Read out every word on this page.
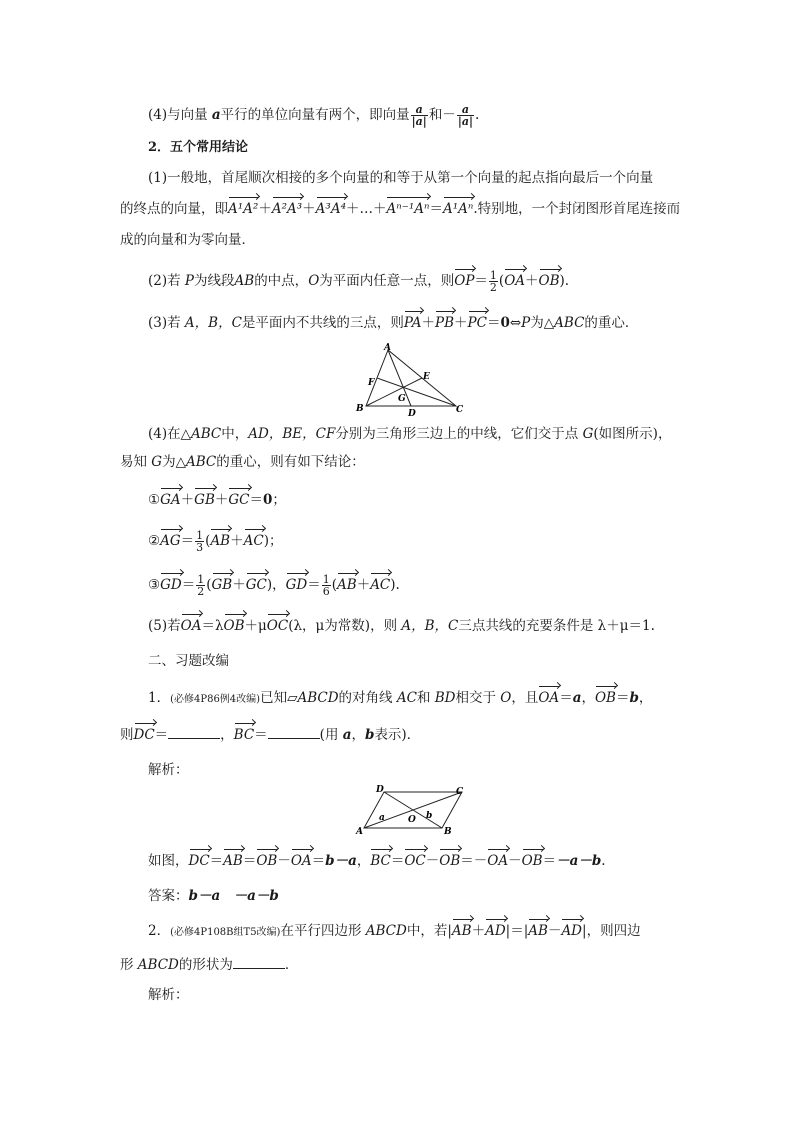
(4)与向量 a平行的单位向量有两个，即向量 $\frac{a}{|a|}$ 和－ $\frac{a}{|a|}$ .
2．五个常用结论
(1)一般地，首尾顺次相接的多个向量的和等于从第一个向量的起点指向最后一个向量
的终点的向量，即A¹A²＋A²A³＋A³A⁴＋…＋Aⁿ⁻¹Aⁿ＝A¹Aⁿ.特别地，一个封闭图形首尾连接而
成的向量和为零向量．
(2)若 P为线段AB的中点，O为平面内任意一点，则$OP= \frac{1}{2} (OA+OB)$.
(3)若 A，B，C是平面内不共线的三点，则PA＋PB＋PC＝0⇔P为△ABC的重心．
A
B	C
D
E
F
G
(4)在△ABC中，AD，BE，CF分别为三角形三边上的中线，它们交于点 G(如图所示)，
易知 G为△ABC的重心，则有如下结论：
①GA＋GB＋GC＝0；
②AG＝ $\frac{1}{3} (AB+AC)$；
③GD＝ $\frac{1}{2} (GB+GC)$，$GD= \frac{1}{6} (AB+AC)$.
(5)若OA＝λOB＋μOC(λ，μ为常数)，则 A，B，C三点共线的充要条件是 λ＋μ＝1.
二、习题改编
1．(必修4P86例4改编)已知▱ABCD的对角线 AC和 BD相交于 O，且OA＝a，OB＝b，
则DC＝	，BC＝	(用 a，b表示)．
解析：
D	C
A	B
O
a	b
如图，DC＝AB＝OB－OA＝b－a，BC＝OC－OB＝－OA－OB＝－a－b.
答案：b－a　－a－b
2．(必修4P108B组T5改编)在平行四边形 ABCD中，若|AB＋AD|＝|AB－AD|，则四边
形 ABCD的形状为	．
解析：
